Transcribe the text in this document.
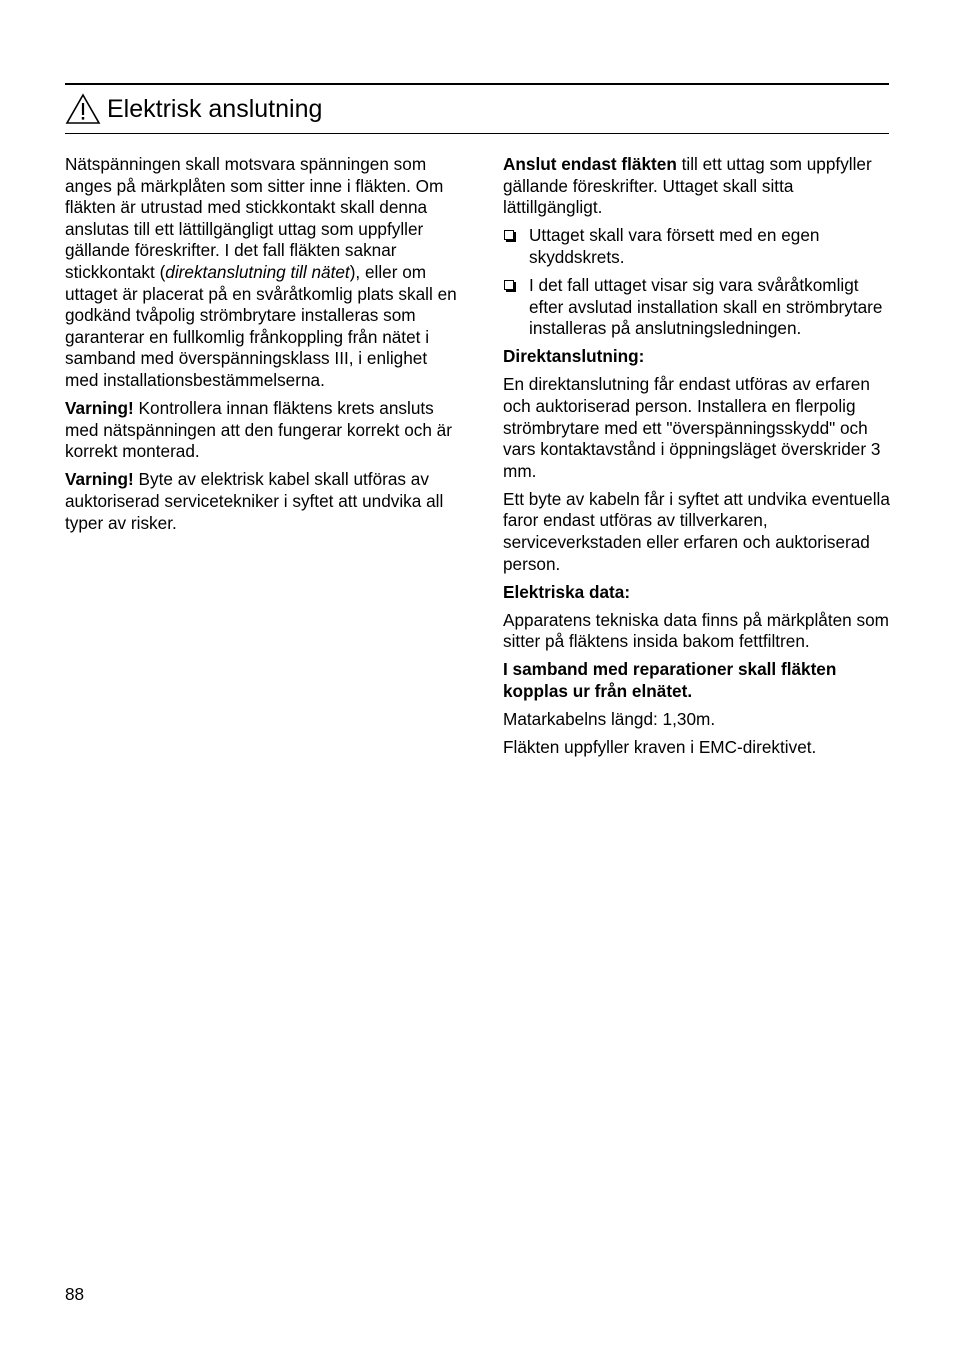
Elektrisk anslutning

Nätspänningen skall motsvara spänningen som anges på märkplåten som sitter inne i fläkten. Om fläkten är utrustad med stickkontakt skall denna anslutas till ett lättillgängligt uttag som uppfyller gällande föreskrifter. I det fall fläkten saknar stickkontakt (direktanslutning till nätet), eller om uttaget är placerat på en svåråtkomlig plats skall en godkänd tvåpolig strömbrytare installeras som garanterar en fullkomlig frånkoppling från nätet i samband med överspänningsklass III, i enlighet med installationsbestämmelserna.

Varning! Kontrollera innan fläktens krets ansluts med nätspänningen att den fungerar korrekt och är korrekt monterad.

Varning! Byte av elektrisk kabel skall utföras av auktoriserad servicetekniker i syftet att undvika all typer av risker.

Anslut endast fläkten till ett uttag som uppfyller gällande föreskrifter. Uttaget skall sitta lättillgängligt.

Uttaget skall vara försett med en egen skyddskrets.
I det fall uttaget visar sig vara svåråtkomligt efter avslutad installation skall en strömbrytare installeras på anslutningsledningen.

Direktanslutning:

En direktanslutning får endast utföras av erfaren och auktoriserad person. Installera en flerpolig strömbrytare med ett "överspänningsskydd" och vars kontaktavstånd i öppningsläget överskrider 3 mm.

Ett byte av kabeln får i syftet att undvika eventuella faror endast utföras av tillverkaren, serviceverkstaden eller erfaren och auktoriserad person.

Elektriska data:

Apparatens tekniska data finns på märkplåten som sitter på fläktens insida bakom fettfiltren.

I samband med reparationer skall fläkten kopplas ur från elnätet.

Matarkabelns längd: 1,30m.

Fläkten uppfyller kraven i EMC-direktivet.

88
